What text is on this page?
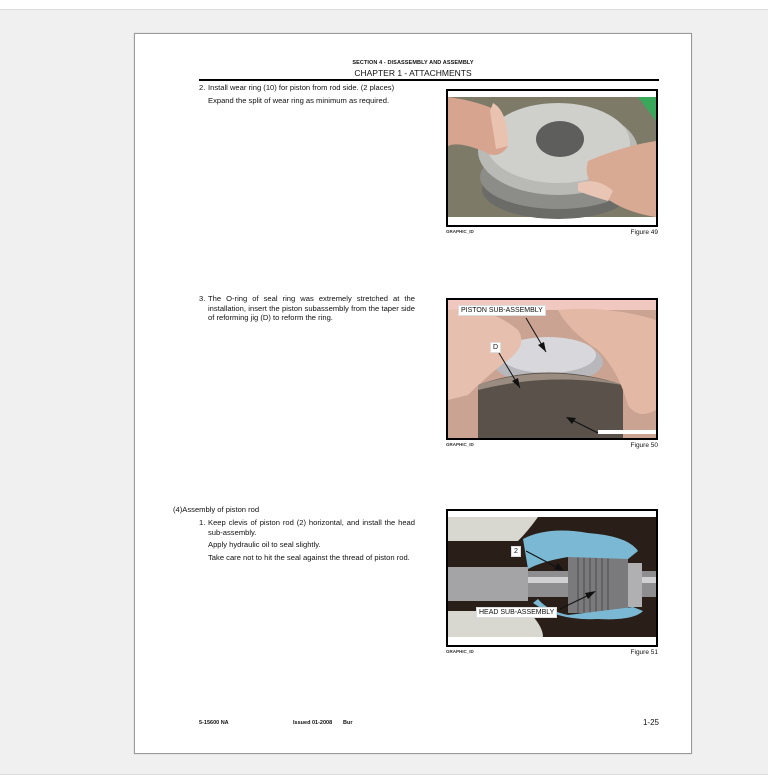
SECTION 4 - DISASSEMBLY AND ASSEMBLY
CHAPTER 1 - ATTACHMENTS
2. Install wear ring (10) for piston from rod side. (2 places)
Expand the split of wear ring as minimum as required.
GRAPHIC_ID	Figure 49
3. The O-ring of seal ring was extremely stretched at the installation, insert the piston subassembly from the taper side of reforming jig (D) to reform the ring.
PISTON SUB-ASSEMBLY
D
GRAPHIC_ID	Figure 50
(4)Assembly of piston rod
1. Keep clevis of piston rod (2) horizontal, and install the head sub-assembly.
Apply hydraulic oil to seal slightly.
Take care not to hit the seal against the thread of piston rod.
2
HEAD SUB-ASSEMBLY
GRAPHIC_ID	Figure 51
5-15600 NA	Issued 01-2008 Bur	1-25
